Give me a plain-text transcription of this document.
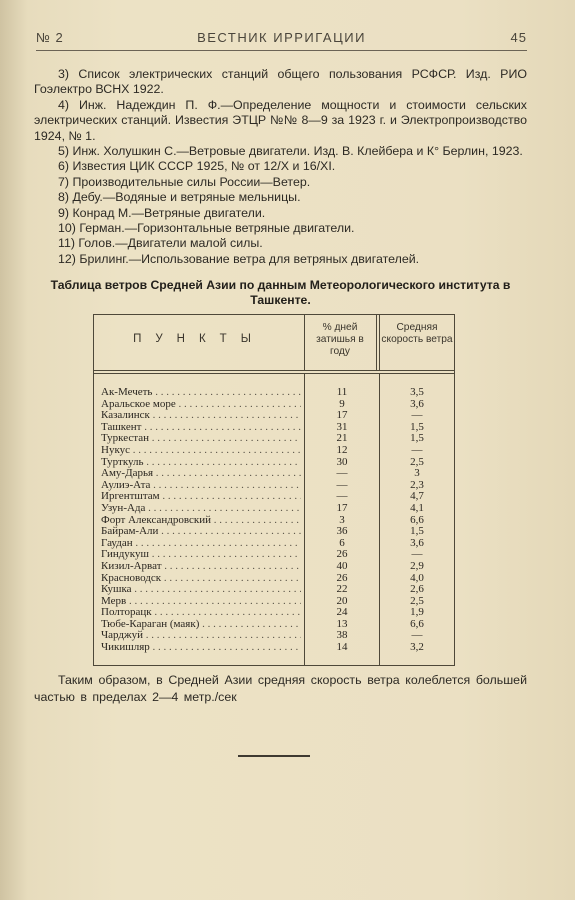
№ 2	ВЕСТНИК ИРРИГАЦИИ	45

3) Список электрических станций общего пользования РСФСР. Изд. РИО Гоэлектро ВСНХ 1922.

4) Инж. Надеждин П. Ф.—Определение мощности и стоимости сельских электрических станций. Известия ЭТЦР №№ 8—9 за 1923 г. и Электропроизводство 1924, № 1.

5) Инж. Холушкин С.—Ветровые двигатели. Изд. В. Клейбера и К° Берлин, 1923.

6) Известия ЦИК СССР 1925, № от 12/X и 16/XI.

7) Производительные силы России—Ветер.

8) Дебу.—Водяные и ветряные мельницы.

9) Конрад М.—Ветряные двигатели.

10) Герман.—Горизонтальные ветряные двигатели.

11) Голов.—Двигатели малой силы.

12) Брилинг.—Использование ветра для ветряных двигателей.

Таблица ветров Средней Азии по данным Метеорологического института в Ташкенте.
ПУНКТЫ
% дней затишья в году
Средняя скорость ветра
Ак-Мечеть . . .	11	3,5
Аральское море . . .	9	3,6
Казалинск . . .	17	—
Ташкент . . .	31	1,5
Туркестан . . .	21	1,5
Нукус . . .	12	—
Турткуль . . .	30	2,5
Аму-Дарья . . .	—	3
Аулиэ-Ата . . .	—	2,3
Иргентштам . . .	—	4,7
Узун-Ада . . .	17	4,1
Форт Александровский . . .	3	6,6
Байрам-Али . . .	36	1,5
Гаудан . . .	6	3,6
Гиндукуш . . .	26	—
Кизил-Арват . . .	40	2,9
Красноводск . . .	26	4,0
Кушка . . .	22	2,6
Мерв . . .	20	2,5
Полторацк . . .	24	1,9
Тюбе-Караган (маяк) . . .	13	6,6
Чарджуй . . .	38	—
Чикишляр . . .	14	3,2

Таким образом, в Средней Азии средняя скорость ветра колеблется большей частью в пределах 2—4 метр./сек
